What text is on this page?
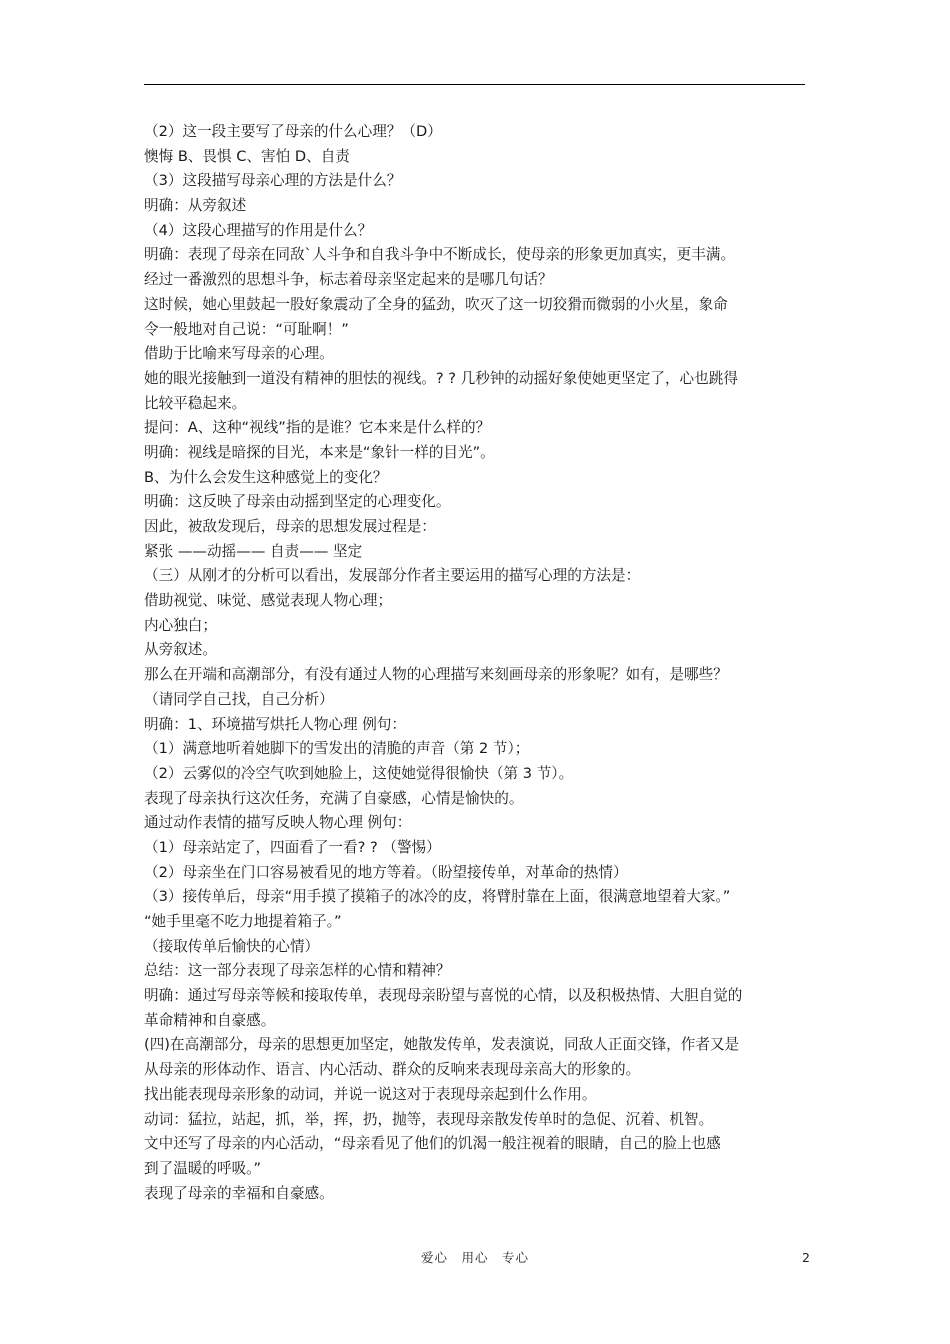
（2）这一段主要写了母亲的什么心理？（D）
懊悔 B、畏惧 C、害怕 D、自责
（3）这段描写母亲心理的方法是什么？
明确：从旁叙述
（4）这段心理描写的作用是什么？
明确：表现了母亲在同敌`人斗争和自我斗争中不断成长，使母亲的形象更加真实，更丰满。
经过一番激烈的思想斗争，标志着母亲坚定起来的是哪几句话？
这时候，她心里鼓起一股好象震动了全身的猛劲，吹灭了这一切狡猾而微弱的小火星，象命
令一般地对自己说：“可耻啊！”
借助于比喻来写母亲的心理。
她的眼光接触到一道没有精神的胆怯的视线。? ? 几秒钟的动摇好象使她更坚定了，心也跳得
比较平稳起来。
提问：A、这种“视线”指的是谁？它本来是什么样的？
明确：视线是暗探的目光，本来是“象针一样的目光”。
B、为什么会发生这种感觉上的变化？
明确：这反映了母亲由动摇到坚定的心理变化。
因此，被敌发现后，母亲的思想发展过程是：
紧张 ——动摇—— 自责—— 坚定
（三）从刚才的分析可以看出，发展部分作者主要运用的描写心理的方法是：
借助视觉、味觉、感觉表现人物心理；
内心独白；
从旁叙述。
那么在开端和高潮部分，有没有通过人物的心理描写来刻画母亲的形象呢？如有，是哪些？
（请同学自己找，自己分析）
明确：1、环境描写烘托人物心理 例句：
（1）满意地听着她脚下的雪发出的清脆的声音（第 2 节）；
（2）云雾似的冷空气吹到她脸上，这使她觉得很愉快（第 3 节）。
表现了母亲执行这次任务，充满了自豪感，心情是愉快的。
通过动作表情的描写反映人物心理 例句：
（1）母亲站定了，四面看了一看? ? （警惕）
（2）母亲坐在门口容易被看见的地方等着。（盼望接传单，对革命的热情）
（3）接传单后，母亲“用手摸了摸箱子的冰冷的皮，将臂肘靠在上面，很满意地望着大家。”
“她手里毫不吃力地提着箱子。”
（接取传单后愉快的心情）
总结：这一部分表现了母亲怎样的心情和精神？
明确：通过写母亲等候和接取传单，表现母亲盼望与喜悦的心情，以及积极热情、大胆自觉的
革命精神和自豪感。
(四)在高潮部分，母亲的思想更加坚定，她散发传单，发表演说，同敌人正面交锋，作者又是
从母亲的形体动作、语言、内心活动、群众的反响来表现母亲高大的形象的。
找出能表现母亲形象的动词，并说一说这对于表现母亲起到什么作用。
动词：猛拉，站起，抓，举，挥，扔，抛等，表现母亲散发传单时的急促、沉着、机智。
文中还写了母亲的内心活动，“母亲看见了他们的饥渴一般注视着的眼睛，自己的脸上也感
到了温暖的呼吸。”
表现了母亲的幸福和自豪感。
爱心　用心　专心	2
